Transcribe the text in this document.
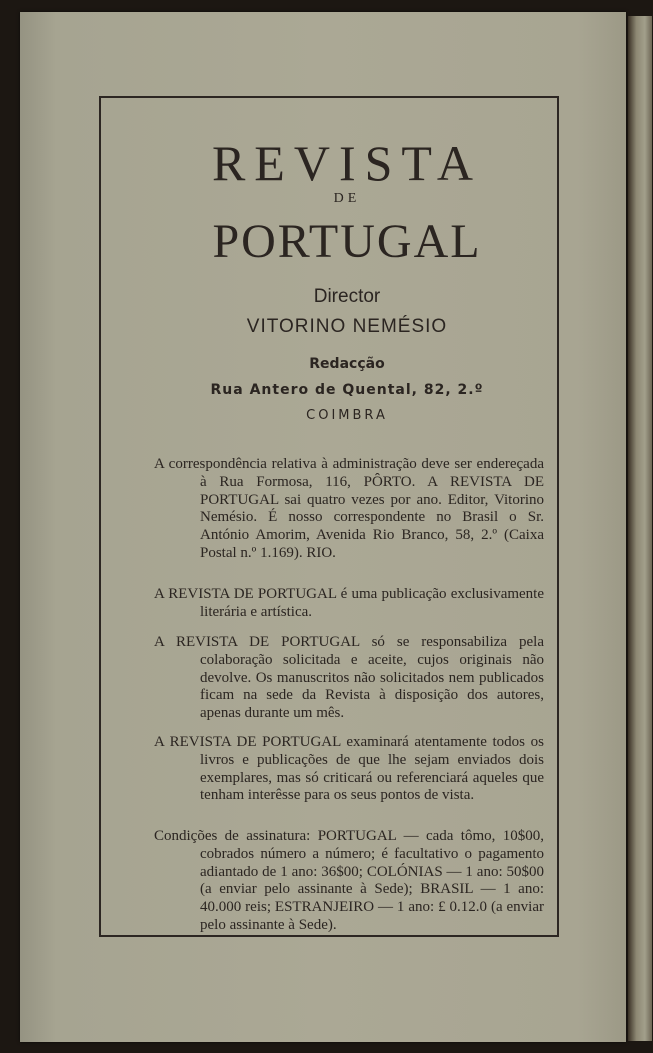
REVISTA
DE
PORTUGAL
Director
VITORINO NEMÉSIO
Redacção
Rua Antero de Quental, 82, 2.º
COIMBRA

A correspondência relativa à administração deve ser endereçada à Rua Formosa, 116, PÔRTO. A REVISTA DE PORTUGAL sai quatro vezes por ano. Editor, Vitorino Nemésio. É nosso correspondente no Brasil o Sr. António Amorim, Avenida Rio Branco, 58, 2.º (Caixa Postal n.º 1.169). RIO.

A REVISTA DE PORTUGAL é uma publicação exclusivamente literária e artística.

A REVISTA DE PORTUGAL só se responsabiliza pela colaboração solicitada e aceite, cujos originais não devolve. Os manuscritos não solicitados nem publicados ficam na sede da Revista à disposição dos autores, apenas durante um mês.

A REVISTA DE PORTUGAL examinará atentamente todos os livros e publicações de que lhe sejam enviados dois exemplares, mas só criticará ou referenciará aqueles que tenham interêsse para os seus pontos de vista.

Condições de assinatura: PORTUGAL — cada tômo, 10$00, cobrados número a número; é facultativo o pagamento adiantado de 1 ano: 36$00; COLÓNIAS — 1 ano: 50$00 (a enviar pelo assinante à Sede); BRASIL — 1 ano: 40.000 reis; ESTRANJEIRO — 1 ano: £ 0.12.0 (a enviar pelo assinante à Sede).
